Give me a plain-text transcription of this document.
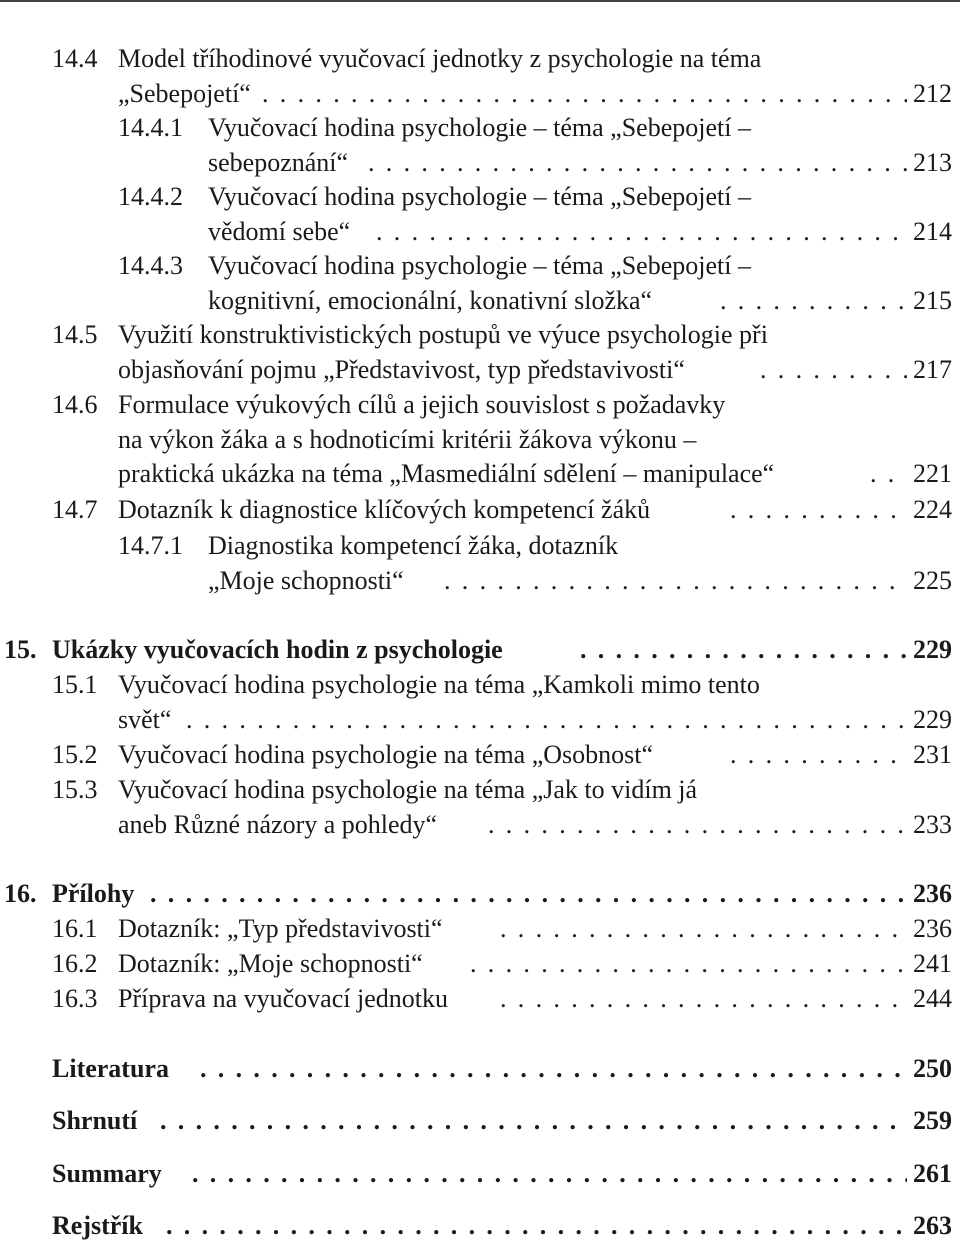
14.4 Model tříhodinové vyučovací jednotky z psychologie na téma
„Sebepojetí“ . . .	212
14.4.1 Vyučovací hodina psychologie – téma „Sebepojetí –
sebepoznání“ . . .	213
14.4.2 Vyučovací hodina psychologie – téma „Sebepojetí –
vědomí sebe“ . . .	214
14.4.3 Vyučovací hodina psychologie – téma „Sebepojetí –
kognitivní, emocionální, konativní složka“ . . .	215
14.5 Využití konstruktivistických postupů ve výuce psychologie při
objasňování pojmu „Představivost, typ představivosti“ . . .	217
14.6 Formulace výukových cílů a jejich souvislost s požadavky
na výkon žáka a s hodnoticími kritérii žákova výkonu –
praktická ukázka na téma „Masmediální sdělení – manipulace“ . . .	221
14.7 Dotazník k diagnostice klíčových kompetencí žáků . . .	224
14.7.1 Diagnostika kompetencí žáka, dotazník
„Moje schopnosti“ . . .	225
15. Ukázky vyučovacích hodin z psychologie . . .	229
15.1 Vyučovací hodina psychologie na téma „Kamkoli mimo tento
svět“ . . .	229
15.2 Vyučovací hodina psychologie na téma „Osobnost“ . . .	231
15.3 Vyučovací hodina psychologie na téma „Jak to vidím já
aneb Různé názory a pohledy“ . . .	233
16. Přílohy . . .	236
16.1 Dotazník: „Typ představivosti“ . . .	236
16.2 Dotazník: „Moje schopnosti“ . . .	241
16.3 Příprava na vyučovací jednotku . . .	244
Literatura . . .	250
Shrnutí . . .	259
Summary . . .	261
Rejstřík . . .	263
